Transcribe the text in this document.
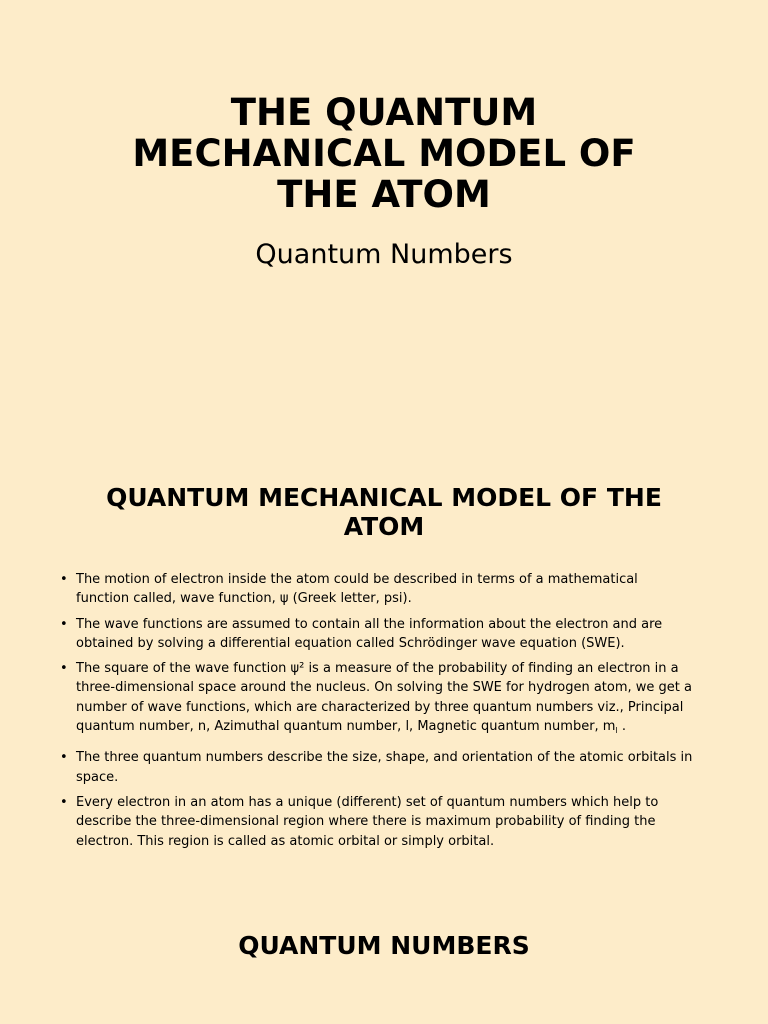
THE QUANTUM
MECHANICAL MODEL OF
THE ATOM

Quantum Numbers

QUANTUM MECHANICAL MODEL OF THE
ATOM
• The motion of electron inside the atom could be described in terms of a mathematical
function called, wave function, ψ (Greek letter, psi).
• The wave functions are assumed to contain all the information about the electron and are
obtained by solving a differential equation called Schrödinger wave equation (SWE).
• The square of the wave function ψ² is a measure of the probability of finding an electron in a
three-dimensional space around the nucleus. On solving the SWE for hydrogen atom, we get a
number of wave functions, which are characterized by three quantum numbers viz., Principal
quantum number, n, Azimuthal quantum number, l, Magnetic quantum number, $m_l$ .
• The three quantum numbers describe the size, shape, and orientation of the atomic orbitals in
space.
• Every electron in an atom has a unique (different) set of quantum numbers which help to
describe the three-dimensional region where there is maximum probability of finding the
electron. This region is called as atomic orbital or simply orbital.
QUANTUM NUMBERS
